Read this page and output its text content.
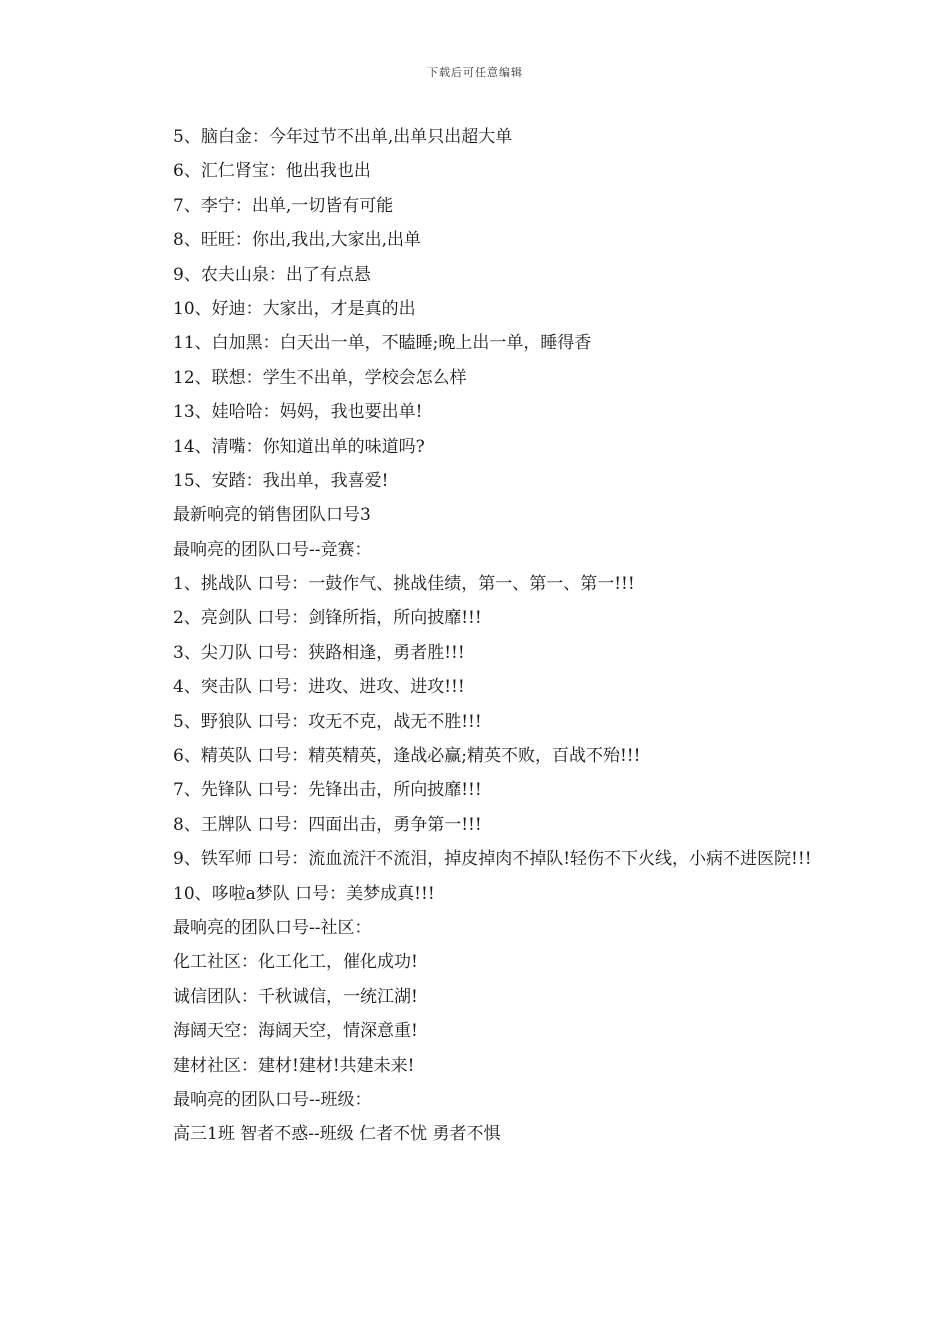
下载后可任意编辑
5、脑白金：今年过节不出单,出单只出超大单
6、汇仁肾宝：他出我也出
7、李宁：出单,一切皆有可能
8、旺旺：你出,我出,大家出,出单
9、农夫山泉：出了有点悬
10、好迪：大家出，才是真的出
11、白加黑：白天出一单，不瞌睡;晚上出一单，睡得香
12、联想：学生不出单，学校会怎么样
13、娃哈哈：妈妈，我也要出单!
14、清嘴：你知道出单的味道吗?
15、安踏：我出单，我喜爱!
最新响亮的销售团队口号3
最响亮的团队口号--竞赛：
1、挑战队 口号：一鼓作气、挑战佳绩，第一、第一、第一!!!
2、亮剑队 口号：剑锋所指，所向披靡!!!
3、尖刀队 口号：狭路相逢，勇者胜!!!
4、突击队 口号：进攻、进攻、进攻!!!
5、野狼队 口号：攻无不克，战无不胜!!!
6、精英队 口号：精英精英，逢战必赢;精英不败，百战不殆!!!
7、先锋队 口号：先锋出击，所向披靡!!!
8、王牌队 口号：四面出击，勇争第一!!!
9、铁军师 口号：流血流汗不流泪，掉皮掉肉不掉队!轻伤不下火线，小病不进医院!!!
10、哆啦a梦队 口号：美梦成真!!!
最响亮的团队口号--社区：
化工社区：化工化工，催化成功!
诚信团队：千秋诚信，一统江湖!
海阔天空：海阔天空，情深意重!
建材社区：建材!建材!共建未来!
最响亮的团队口号--班级：
高三1班 智者不惑--班级 仁者不忧 勇者不惧
